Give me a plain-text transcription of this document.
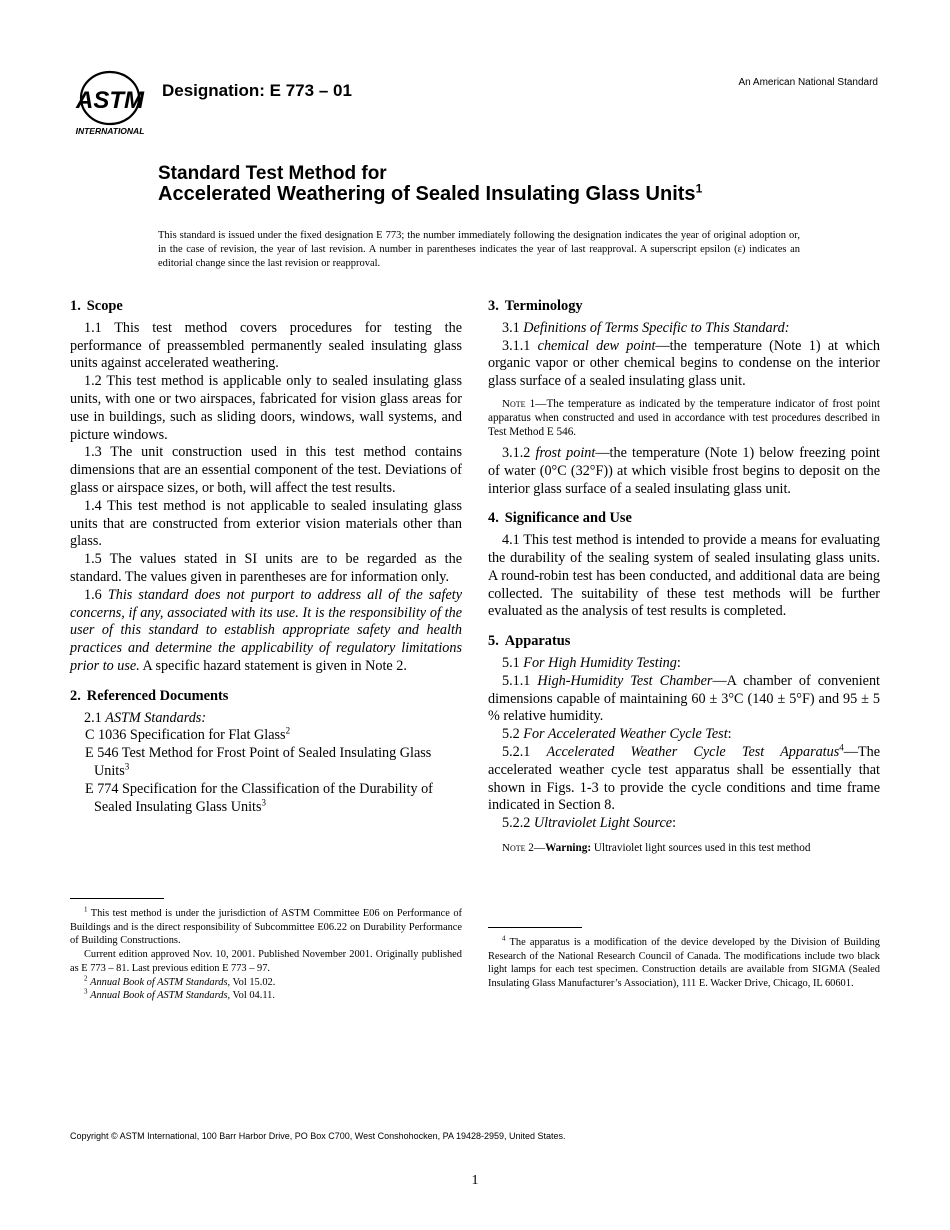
ASTM
INTERNATIONAL
Designation: E 773 – 01	An American National Standard
Standard Test Method for
Accelerated Weathering of Sealed Insulating Glass Units$^1$
This standard is issued under the fixed designation E 773; the number immediately following the designation indicates the year of original adoption or, in the case of revision, the year of last revision. A number in parentheses indicates the year of last reapproval. A superscript epsilon (ε) indicates an editorial change since the last revision or reapproval.
1. Scope

1.1 This test method covers procedures for testing the performance of preassembled permanently sealed insulating glass units against accelerated weathering.

1.2 This test method is applicable only to sealed insulating glass units, with one or two airspaces, fabricated for vision glass areas for use in buildings, such as sliding doors, windows, wall systems, and picture windows.

1.3 The unit construction used in this test method contains dimensions that are an essential component of the test. Deviations of glass or airspace sizes, or both, will affect the test results.

1.4 This test method is not applicable to sealed insulating glass units that are constructed from exterior vision materials other than glass.

1.5 The values stated in SI units are to be regarded as the standard. The values given in parentheses are for information only.

1.6 This standard does not purport to address all of the safety concerns, if any, associated with its use. It is the responsibility of the user of this standard to establish appropriate safety and health practices and determine the applicability of regulatory limitations prior to use. A specific hazard statement is given in Note 2.

2. Referenced Documents

2.1 ASTM Standards:

C 1036 Specification for Flat Glass$^2$

E 546 Test Method for Frost Point of Sealed Insulating Glass Units$^3$

E 774 Specification for the Classification of the Durability of Sealed Insulating Glass Units$^3$

$^1$ This test method is under the jurisdiction of ASTM Committee E06 on Performance of Buildings and is the direct responsibility of Subcommittee E06.22 on Durability Performance of Building Constructions.

Current edition approved Nov. 10, 2001. Published November 2001. Originally published as E 773 – 81. Last previous edition E 773 – 97.

$^2$ Annual Book of ASTM Standards, Vol 15.02.

$^3$ Annual Book of ASTM Standards, Vol 04.11.

3. Terminology

3.1 Definitions of Terms Specific to This Standard:

3.1.1 chemical dew point—the temperature (Note 1) at which organic vapor or other chemical begins to condense on the interior glass surface of a sealed insulating glass unit.

Note 1—The temperature as indicated by the temperature indicator of frost point apparatus when constructed and used in accordance with test procedures described in Test Method E 546.

3.1.2 frost point—the temperature (Note 1) below freezing point of water (0°C (32°F)) at which visible frost begins to deposit on the interior glass surface of a sealed insulating glass unit.

4. Significance and Use

4.1 This test method is intended to provide a means for evaluating the durability of the sealing system of sealed insulating glass units. A round-robin test has been conducted, and additional data are being collected. The suitability of these test methods will be further evaluated as the analysis of test results is completed.

5. Apparatus

5.1 For High Humidity Testing:

5.1.1 High-Humidity Test Chamber—A chamber of convenient dimensions capable of maintaining 60 ± 3°C (140 ± 5°F) and 95 ± 5 % relative humidity.

5.2 For Accelerated Weather Cycle Test:

5.2.1 Accelerated Weather Cycle Test Apparatus$^4$—The accelerated weather cycle test apparatus shall be essentially that shown in Figs. 1-3 to provide the cycle conditions and time frame indicated in Section 8.

5.2.2 Ultraviolet Light Source:

Note 2—Warning: Ultraviolet light sources used in this test method

$^4$ The apparatus is a modification of the device developed by the Division of Building Research of the National Research Council of Canada. The modifications include two black light lamps for each test specimen. Construction details are available from SIGMA (Sealed Insulating Glass Manufacturer’s Association), 111 E. Wacker Drive, Chicago, IL 60601.

Copyright © ASTM International, 100 Barr Harbor Drive, PO Box C700, West Conshohocken, PA 19428-2959, United States.
1
